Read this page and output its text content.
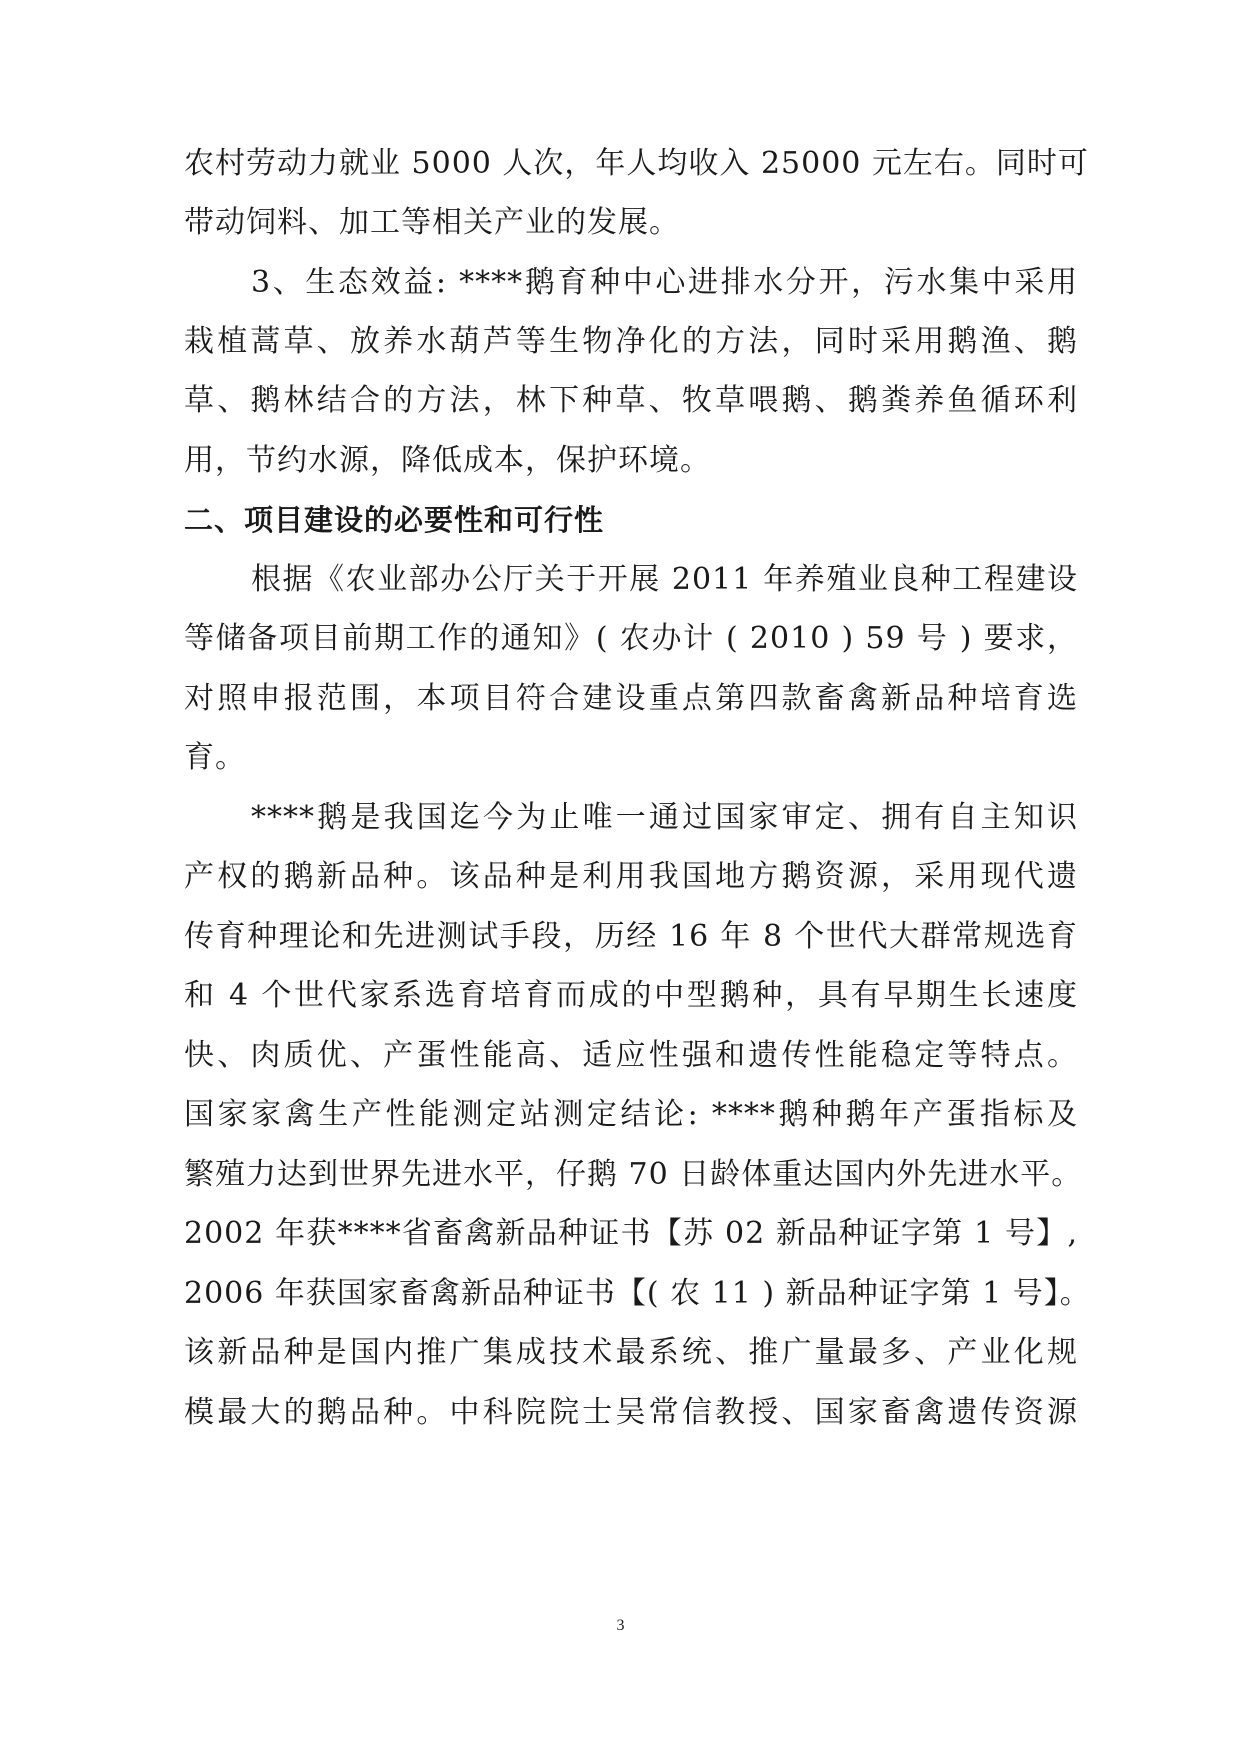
农村劳动力就业 5000 人次，年人均收入 25000 元左右。同时可
带动饲料、加工等相关产业的发展。
3、生态效益: ****鹅育种中心进排水分开，污水集中采用
栽植蒿草、放养水葫芦等生物净化的方法，同时采用鹅渔、鹅
草、鹅林结合的方法，林下种草、牧草喂鹅、鹅粪养鱼循环利
用，节约水源，降低成本，保护环境。
二、项目建设的必要性和可行性
根据《农业部办公厅关于开展 2011 年养殖业良种工程建设
等储备项目前期工作的通知》( 农办计 ( 2010 ) 59 号 ) 要求，
对照申报范围，本项目符合建设重点第四款畜禽新品种培育选
育。
****鹅是我国迄今为止唯一通过国家审定、拥有自主知识
产权的鹅新品种。该品种是利用我国地方鹅资源，采用现代遗
传育种理论和先进测试手段，历经 16 年 8 个世代大群常规选育
和 4 个世代家系选育培育而成的中型鹅种，具有早期生长速度
快、肉质优、产蛋性能高、适应性强和遗传性能稳定等特点。
国家家禽生产性能测定站测定结论: ****鹅种鹅年产蛋指标及
繁殖力达到世界先进水平，仔鹅 70 日龄体重达国内外先进水平。
2002 年获****省畜禽新品种证书【苏 02 新品种证字第 1 号】,
2006 年获国家畜禽新品种证书【( 农 11 ) 新品种证字第 1 号】。
该新品种是国内推广集成技术最系统、推广量最多、产业化规
模最大的鹅品种。中科院院士吴常信教授、国家畜禽遗传资源
3
